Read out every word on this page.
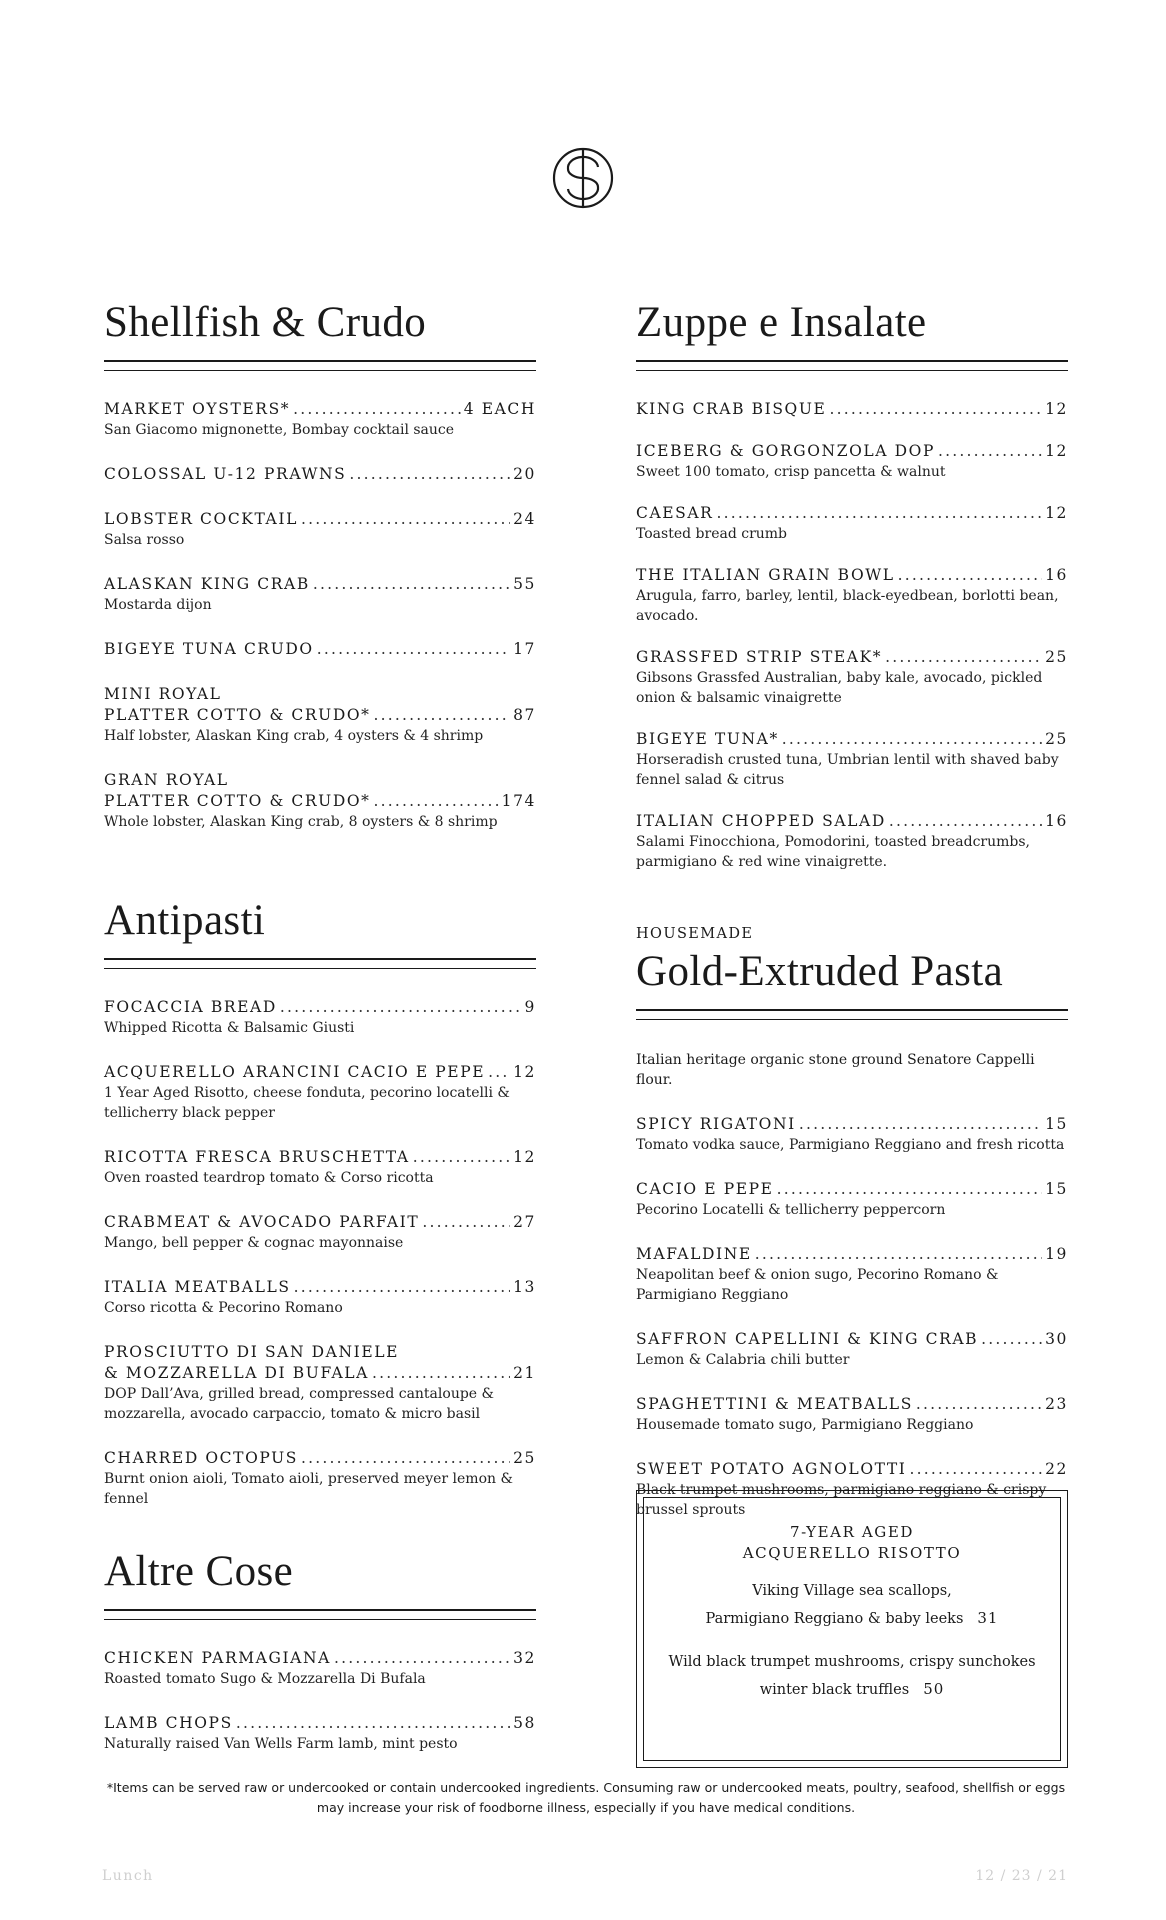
Shellfish & Crudo
MARKET OYSTERS* .....	4 EACH
San Giacomo mignonette, Bombay cocktail sauce
COLOSSAL U-12 PRAWNS .....	20
LOBSTER COCKTAIL .....	24
Salsa rosso
ALASKAN KING CRAB .....	55
Mostarda dijon
BIGEYE TUNA CRUDO .....	17
MINI ROYAL
PLATTER COTTO & CRUDO* .....	87
Half lobster, Alaskan King crab, 4 oysters & 4 shrimp
GRAN ROYAL
PLATTER COTTO & CRUDO* .....	174
Whole lobster, Alaskan King crab, 8 oysters & 8 shrimp
Antipasti
FOCACCIA BREAD .....	9
Whipped Ricotta & Balsamic Giusti
ACQUERELLO ARANCINI CACIO E PEPE ..... 12
1 Year Aged Risotto, cheese fonduta, pecorino locatelli & tellicherry black pepper
RICOTTA FRESCA BRUSCHETTA .....	12
Oven roasted teardrop tomato & Corso ricotta
CRABMEAT & AVOCADO PARFAIT .....	27
Mango, bell pepper & cognac mayonnaise
ITALIA MEATBALLS .....	13
Corso ricotta & Pecorino Romano
PROSCIUTTO DI SAN DANIELE
& MOZZARELLA DI BUFALA .....	21
DOP Dall’Ava, grilled bread, compressed cantaloupe & mozzarella, avocado carpaccio, tomato & micro basil
CHARRED OCTOPUS .....	25
Burnt onion aioli, Tomato aioli, preserved meyer lemon & fennel
Altre Cose
CHICKEN PARMAGIANA .....	32
Roasted tomato Sugo & Mozzarella Di Bufala
LAMB CHOPS .....	58
Naturally raised Van Wells Farm lamb, mint pesto
Zuppe e Insalate
KING CRAB BISQUE .....	12
ICEBERG & GORGONZOLA DOP .....	12
Sweet 100 tomato, crisp pancetta & walnut
CAESAR .....	12
Toasted bread crumb
THE ITALIAN GRAIN BOWL .....	16
Arugula, farro, barley, lentil, black-eyedbean, borlotti bean, avocado.
GRASSFED STRIP STEAK* .....	25
Gibsons Grassfed Australian, baby kale, avocado, pickled onion & balsamic vinaigrette
BIGEYE TUNA* .....	25
Horseradish crusted tuna, Umbrian lentil with shaved baby fennel salad & citrus
ITALIAN CHOPPED SALAD .....	16
Salami Finocchiona, Pomodorini, toasted breadcrumbs, parmigiano & red wine vinaigrette.
HOUSEMADE
Gold-Extruded Pasta
Italian heritage organic stone ground Senatore Cappelli flour.
SPICY RIGATONI .....	15
Tomato vodka sauce, Parmigiano Reggiano and fresh ricotta
CACIO E PEPE .....	15
Pecorino Locatelli & tellicherry peppercorn
MAFALDINE .....	19
Neapolitan beef & onion sugo, Pecorino Romano & Parmigiano Reggiano
SAFFRON CAPELLINI & KING CRAB .....	30
Lemon & Calabria chili butter
SPAGHETTINI & MEATBALLS .....	23
Housemade tomato sugo, Parmigiano Reggiano
SWEET POTATO AGNOLOTTI .....	22
Black trumpet mushrooms, parmigiano reggiano & crispy brussel sprouts
7-YEAR AGED
ACQUERELLO RISOTTO
Viking Village sea scallops,
Parmigiano Reggiano & baby leeks 31
Wild black trumpet mushrooms, crispy sunchokes
winter black truffles 50
*Items can be served raw or undercooked or contain undercooked ingredients. Consuming raw or undercooked meats, poultry, seafood, shellfish or eggs
may increase your risk of foodborne illness, especially if you have medical conditions.
Lunch	12 / 23 / 21
